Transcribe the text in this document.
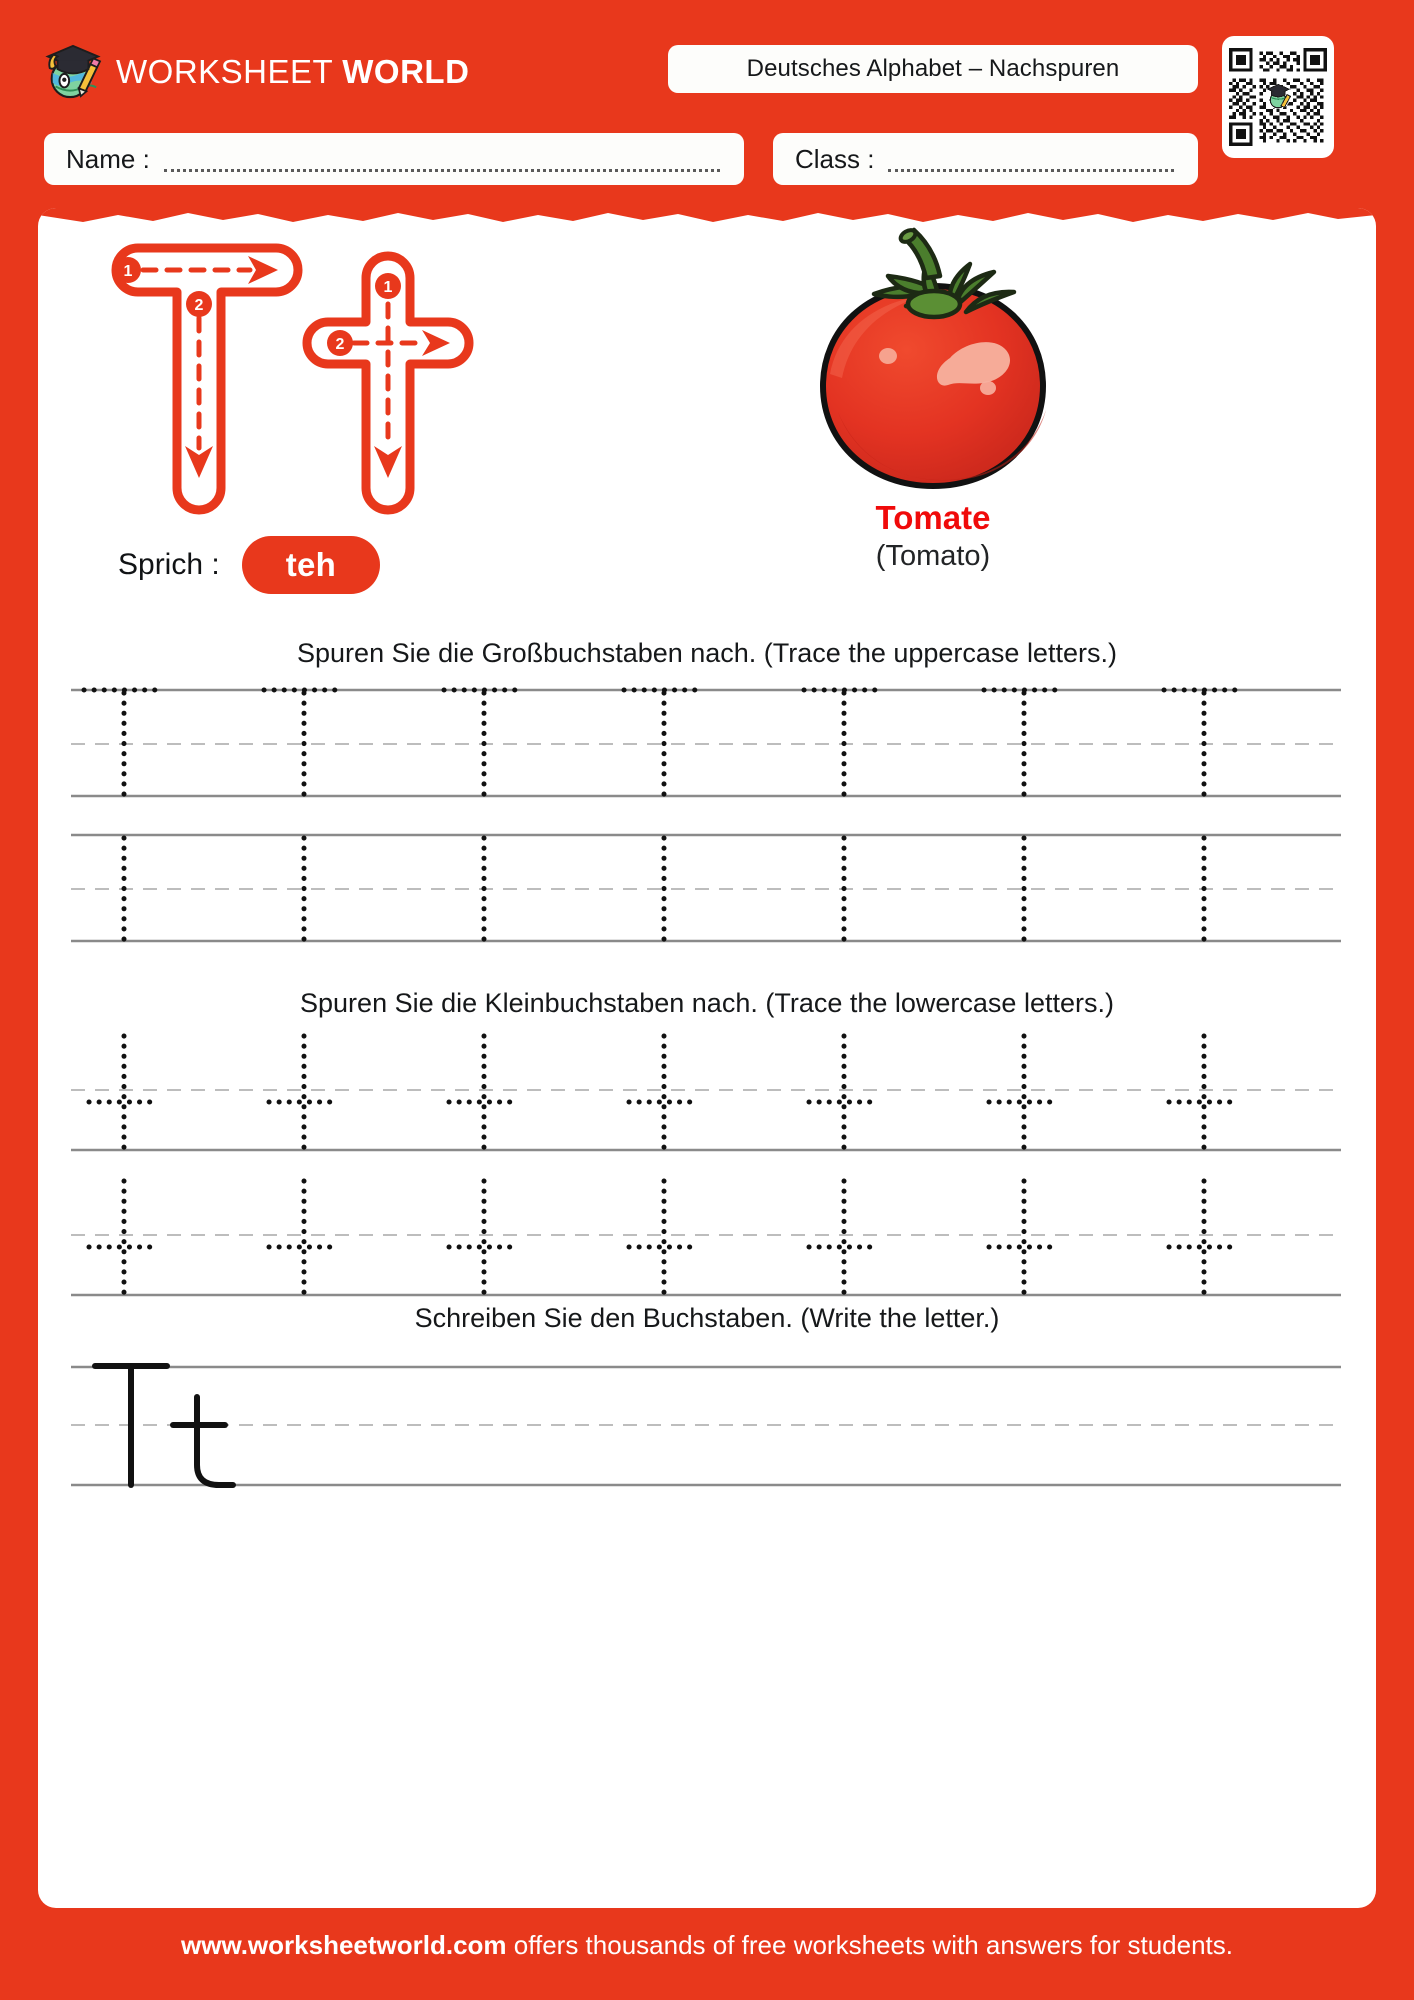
WORKSHEET WORLD	Deutsches Alphabet – Nachspuren
Name :	Class :
1
2
1
2
Sprich :	teh
Tomate
(Tomato)
Spuren Sie die Großbuchstaben nach. (Trace the uppercase letters.)
Spuren Sie die Kleinbuchstaben nach. (Trace the lowercase letters.)
Schreiben Sie den Buchstaben. (Write the letter.)
www.worksheetworld.com offers thousands of free worksheets with answers for students.
